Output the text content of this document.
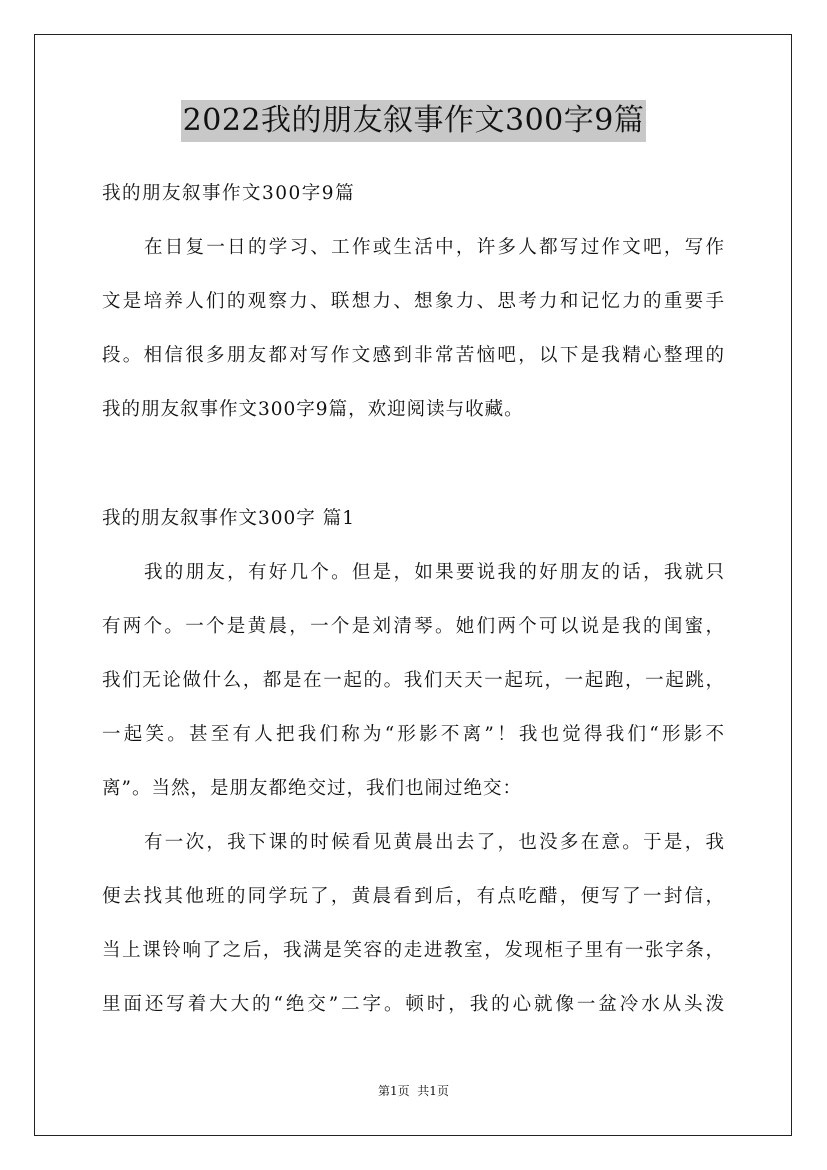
2022我的朋友叙事作文300字9篇
我的朋友叙事作文300字9篇
在日复一日的学习、工作或生活中，许多人都写过作文吧，写作
文是培养人们的观察力、联想力、想象力、思考力和记忆力的重要手
段。相信很多朋友都对写作文感到非常苦恼吧，以下是我精心整理的
我的朋友叙事作文300字9篇，欢迎阅读与收藏。
我的朋友叙事作文300字 篇1
我的朋友，有好几个。但是，如果要说我的好朋友的话，我就只
有两个。一个是黄晨，一个是刘清琴。她们两个可以说是我的闺蜜，
我们无论做什么，都是在一起的。我们天天一起玩，一起跑，一起跳，
一起笑。甚至有人把我们称为“形影不离”！我也觉得我们“形影不
离”。当然，是朋友都绝交过，我们也闹过绝交：
有一次，我下课的时候看见黄晨出去了，也没多在意。于是，我
便去找其他班的同学玩了，黄晨看到后，有点吃醋，便写了一封信，
当上课铃响了之后，我满是笑容的走进教室，发现柜子里有一张字条，
里面还写着大大的“绝交”二字。顿时，我的心就像一盆冷水从头泼
第1页  共1页
